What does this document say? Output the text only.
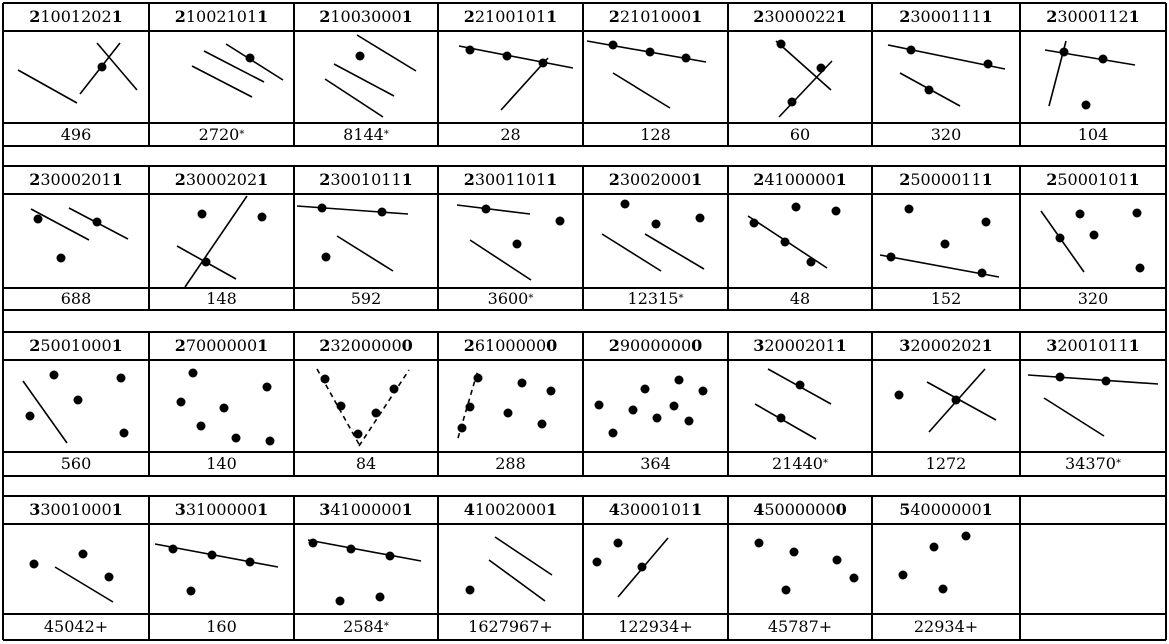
2 1001202 1
496
2 1002101 1
2720 *
2 1003000 1
8144 *
2 2100101 1
28
2 2101000 1
128
2 3000022 1
60
2 3000111 1
320
2 3000112 1
104
2 3000201 1
688
2 3000202 1
148
2 3001011 1
592
2 3001101 1
3600 *
2 3002000 1
12315 *
2 4100000 1
48
2 5000011 1
152
2 5000101 1
320
2 5001000 1
560
2 7000000 1
140
2 3200000 0
84
2 6100000 0
288
2 9000000 0
364
3 2000201 1
21440 *
3 2000202 1
1272
3 2001011 1
34370 *
3 3001000 1
45042 +
3 3100000 1
160
3 4100000 1
2584 *
4 1002000 1
1627967 +
4 3000101 1
122934 +
4 5000000 0
45787 +
5 4000000 1
22934 +
